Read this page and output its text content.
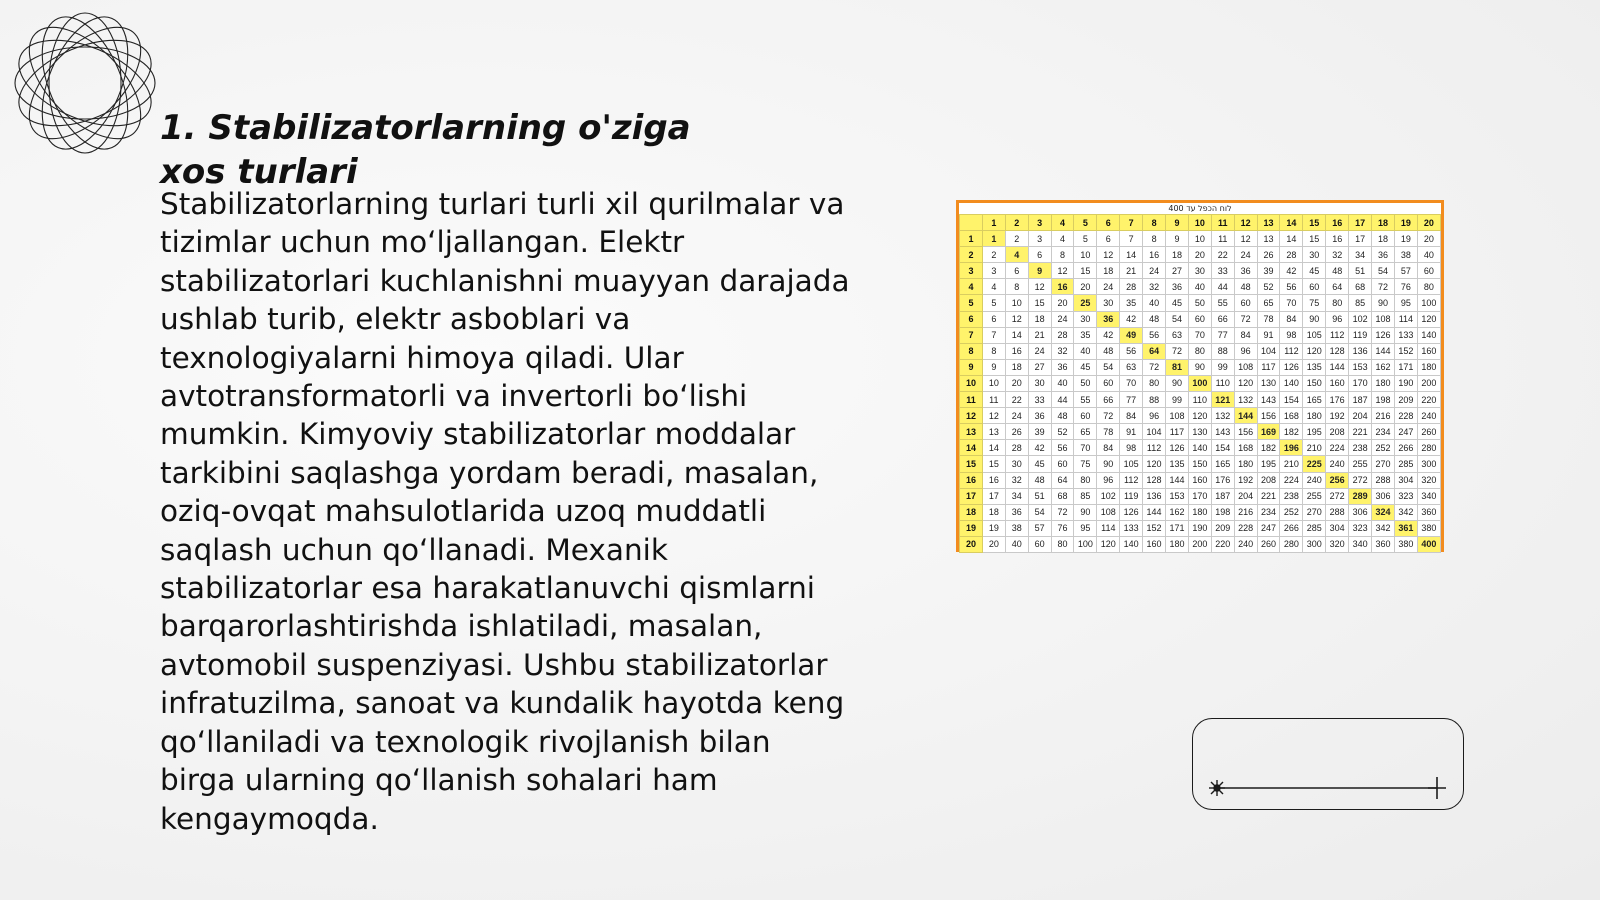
1. Stabilizatorlarning o'ziga xos turlari

Stabilizatorlarning turlari turli xil qurilmalar va tizimlar uchun mo‘ljallangan. Elektr stabilizatorlari kuchlanishni muayyan darajada ushlab turib, elektr asboblari va texnologiyalarni himoya qiladi. Ular avtotransformatorli va invertorli bo‘lishi mumkin. Kimyoviy stabilizatorlar moddalar tarkibini saqlashga yordam beradi, masalan, oziq-ovqat mahsulotlarida uzoq muddatli saqlash uchun qo‘llanadi. Mexanik stabilizatorlar esa harakatlanuvchi qismlarni barqarorlashtirishda ishlatiladi, masalan, avtomobil suspenziyasi. Ushbu stabilizatorlar infratuzilma, sanoat va kundalik hayotda keng qo‘llaniladi va texnologik rivojlanish bilan birga ularning qo‘llanish sohalari ham kengaymoqda.

לוח הכפל עד 400
	1	2	3	4	5	6	7	8	9	10	11	12	13	14	15	16	17	18	19	20
1	1	2	3	4	5	6	7	8	9	10	11	12	13	14	15	16	17	18	19	20
2	2	4	6	8	10	12	14	16	18	20	22	24	26	28	30	32	34	36	38	40
3	3	6	9	12	15	18	21	24	27	30	33	36	39	42	45	48	51	54	57	60
4	4	8	12	16	20	24	28	32	36	40	44	48	52	56	60	64	68	72	76	80
5	5	10	15	20	25	30	35	40	45	50	55	60	65	70	75	80	85	90	95	100
6	6	12	18	24	30	36	42	48	54	60	66	72	78	84	90	96	102	108	114	120
7	7	14	21	28	35	42	49	56	63	70	77	84	91	98	105	112	119	126	133	140
8	8	16	24	32	40	48	56	64	72	80	88	96	104	112	120	128	136	144	152	160
9	9	18	27	36	45	54	63	72	81	90	99	108	117	126	135	144	153	162	171	180
10	10	20	30	40	50	60	70	80	90	100	110	120	130	140	150	160	170	180	190	200
11	11	22	33	44	55	66	77	88	99	110	121	132	143	154	165	176	187	198	209	220
12	12	24	36	48	60	72	84	96	108	120	132	144	156	168	180	192	204	216	228	240
13	13	26	39	52	65	78	91	104	117	130	143	156	169	182	195	208	221	234	247	260
14	14	28	42	56	70	84	98	112	126	140	154	168	182	196	210	224	238	252	266	280
15	15	30	45	60	75	90	105	120	135	150	165	180	195	210	225	240	255	270	285	300
16	16	32	48	64	80	96	112	128	144	160	176	192	208	224	240	256	272	288	304	320
17	17	34	51	68	85	102	119	136	153	170	187	204	221	238	255	272	289	306	323	340
18	18	36	54	72	90	108	126	144	162	180	198	216	234	252	270	288	306	324	342	360
19	19	38	57	76	95	114	133	152	171	190	209	228	247	266	285	304	323	342	361	380
20	20	40	60	80	100	120	140	160	180	200	220	240	260	280	300	320	340	360	380	400
